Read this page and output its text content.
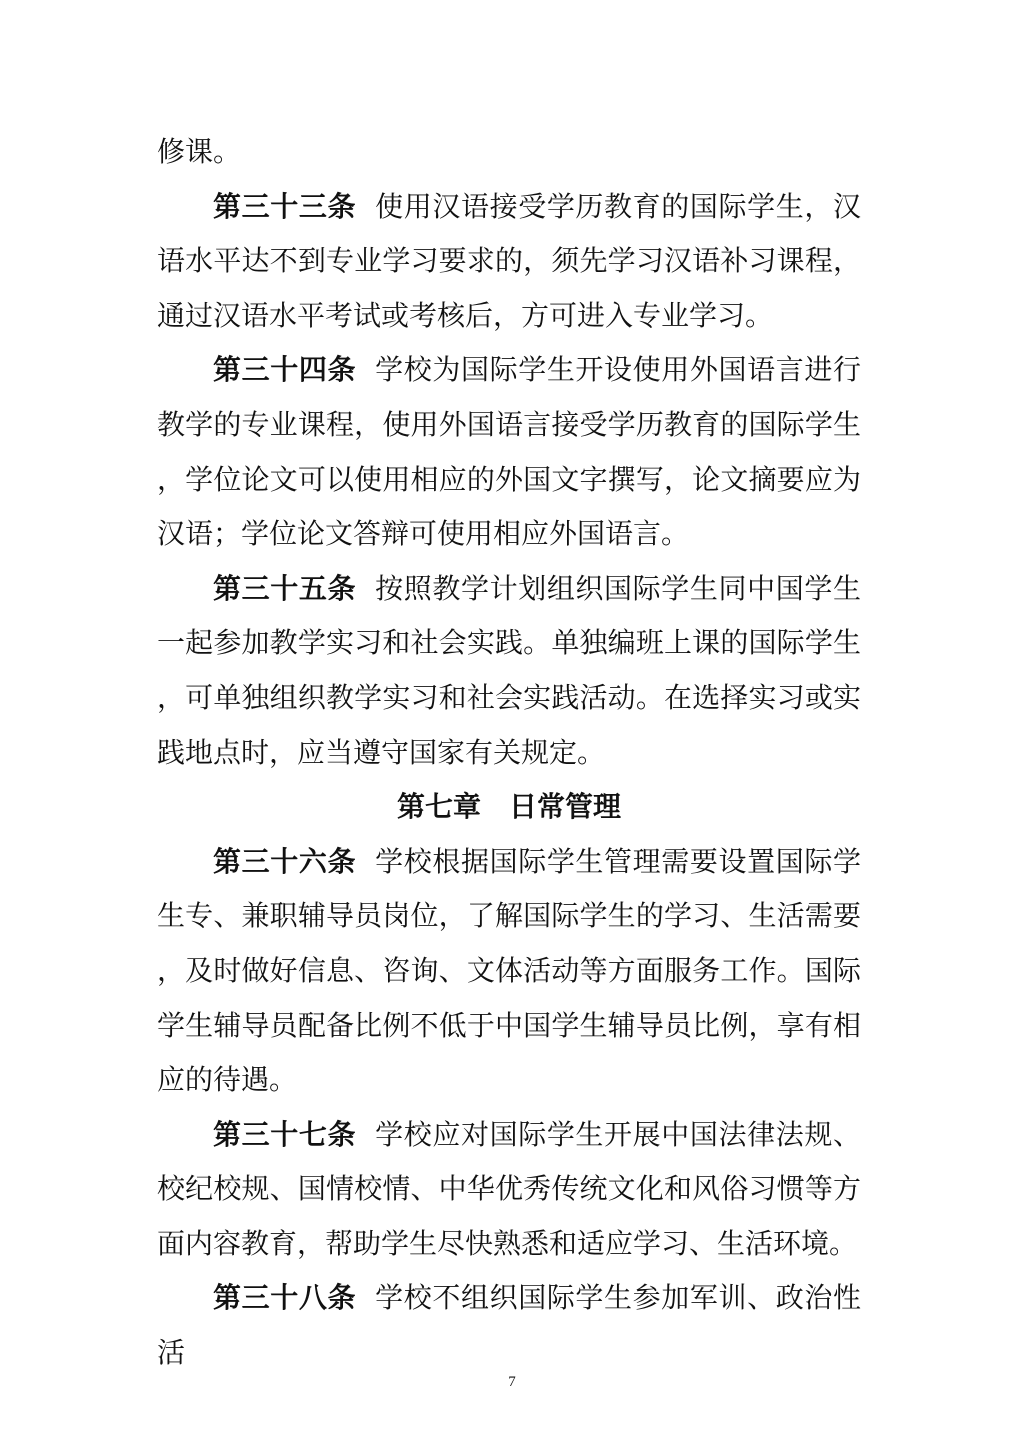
修课。

第三十三条 使用汉语接受学历教育的国际学生，汉语水平达不到专业学习要求的，须先学习汉语补习课程，通过汉语水平考试或考核后，方可进入专业学习。

第三十四条 学校为国际学生开设使用外国语言进行教学的专业课程，使用外国语言接受学历教育的国际学生，学位论文可以使用相应的外国文字撰写，论文摘要应为汉语；学位论文答辩可使用相应外国语言。

第三十五条 按照教学计划组织国际学生同中国学生一起参加教学实习和社会实践。单独编班上课的国际学生，可单独组织教学实习和社会实践活动。在选择实习或实践地点时，应当遵守国家有关规定。

第七章　日常管理

第三十六条 学校根据国际学生管理需要设置国际学生专、兼职辅导员岗位，了解国际学生的学习、生活需要，及时做好信息、咨询、文体活动等方面服务工作。国际学生辅导员配备比例不低于中国学生辅导员比例，享有相应的待遇。

第三十七条 学校应对国际学生开展中国法律法规、校纪校规、国情校情、中华优秀传统文化和风俗习惯等方面内容教育，帮助学生尽快熟悉和适应学习、生活环境。

第三十八条 学校不组织国际学生参加军训、政治性活

7
